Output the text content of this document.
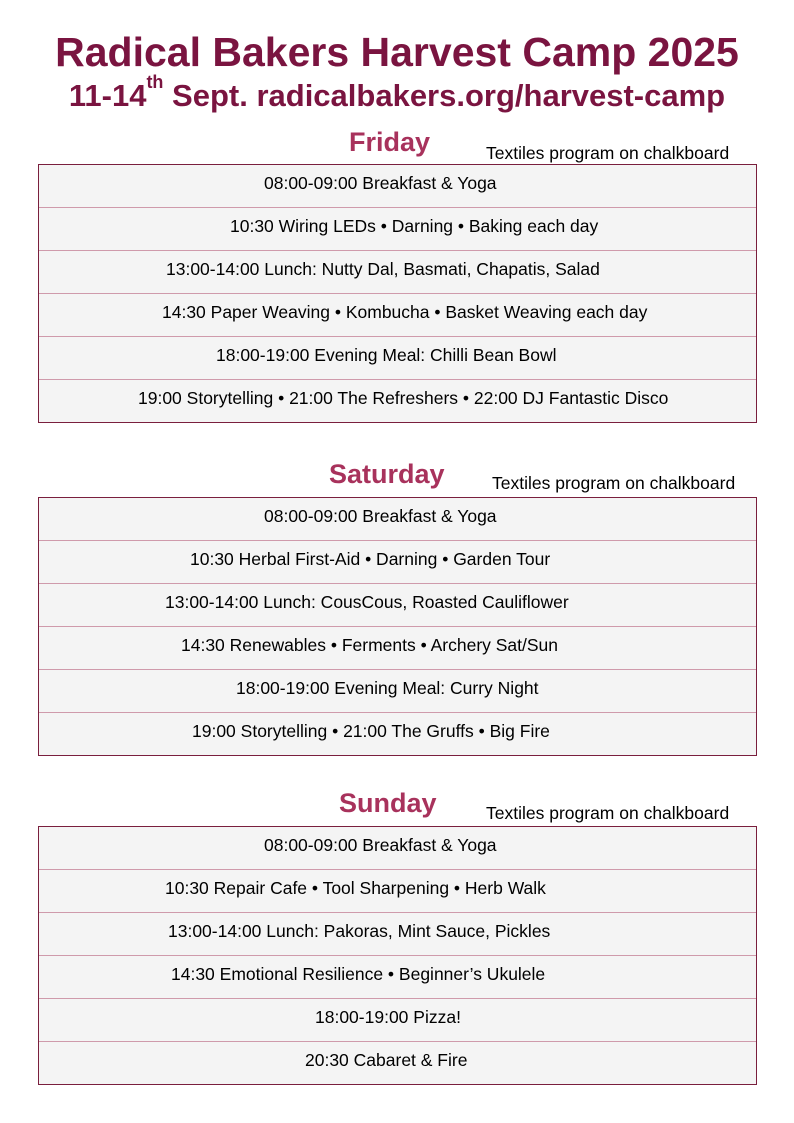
Radical Bakers Harvest Camp 2025
11-14th Sept. radicalbakers.org/harvest-camp
Friday	Textiles program on chalkboard
08:00-09:00 Breakfast & Yoga
10:30 Wiring LEDs • Darning • Baking each day
13:00-14:00 Lunch: Nutty Dal, Basmati, Chapatis, Salad
14:30 Paper Weaving • Kombucha • Basket Weaving each day
18:00-19:00 Evening Meal: Chilli Bean Bowl
19:00 Storytelling • 21:00 The Refreshers • 22:00 DJ Fantastic Disco
Saturday	Textiles program on chalkboard
08:00-09:00 Breakfast & Yoga
10:30 Herbal First-Aid • Darning • Garden Tour
13:00-14:00 Lunch: CousCous, Roasted Cauliflower
14:30 Renewables • Ferments • Archery Sat/Sun
18:00-19:00 Evening Meal: Curry Night
19:00 Storytelling • 21:00 The Gruffs • Big Fire
Sunday	Textiles program on chalkboard
08:00-09:00 Breakfast & Yoga
10:30 Repair Cafe • Tool Sharpening • Herb Walk
13:00-14:00 Lunch: Pakoras, Mint Sauce, Pickles
14:30 Emotional Resilience • Beginner’s Ukulele
18:00-19:00 Pizza!
20:30 Cabaret & Fire
